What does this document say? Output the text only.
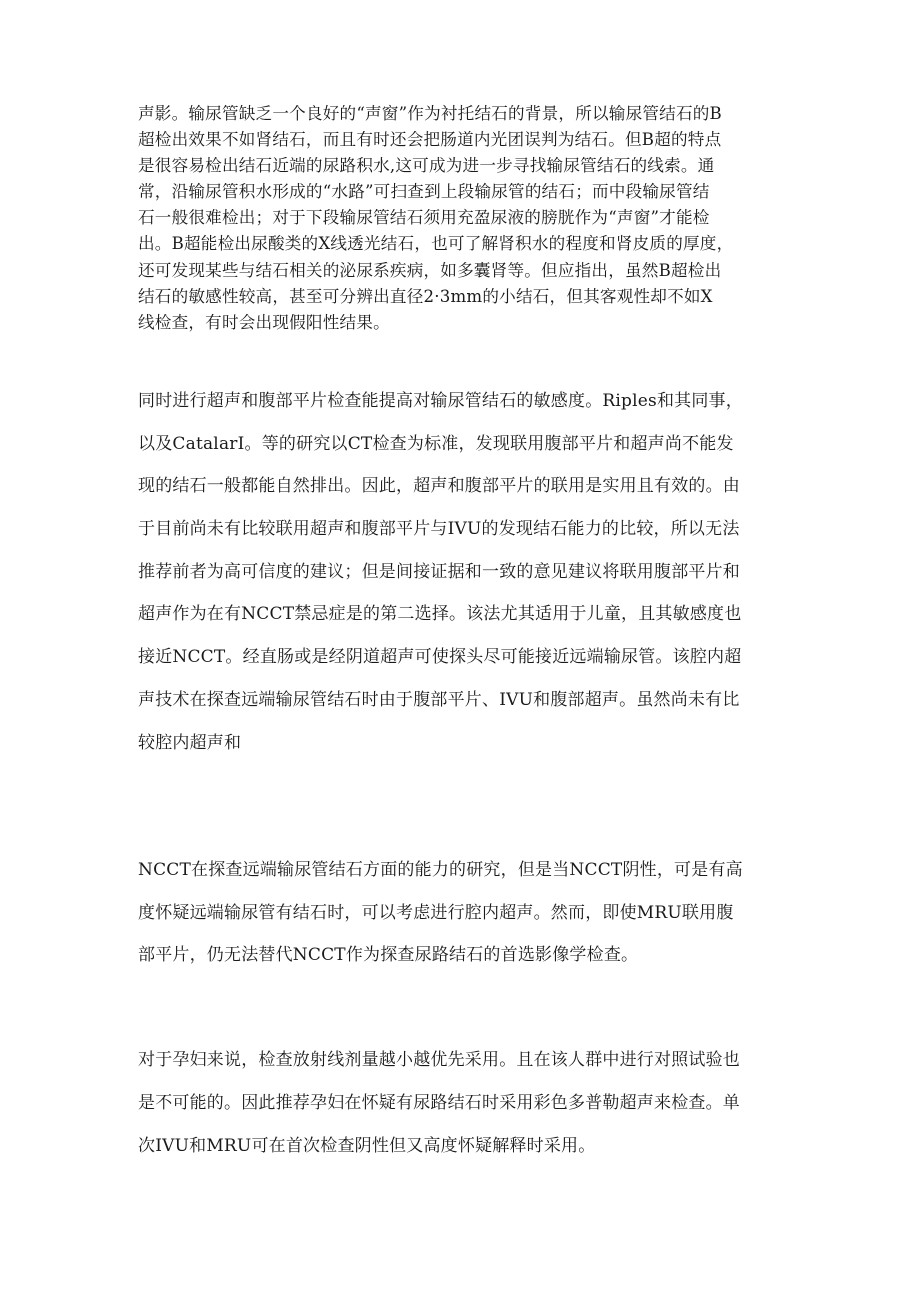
声影。输尿管缺乏一个良好的“声窗”作为衬托结石的背景，所以输尿管结石的B
超检出效果不如肾结石，而且有时还会把肠道内光团误判为结石。但B超的特点
是很容易检出结石近端的尿路积水,这可成为进一步寻找输尿管结石的线索。通
常，沿输尿管积水形成的“水路”可扫查到上段输尿管的结石；而中段输尿管结
石一般很难检出；对于下段输尿管结石须用充盈尿液的膀胱作为“声窗”才能检
出。B超能检出尿酸类的X线透光结石，也可了解肾积水的程度和肾皮质的厚度，
还可发现某些与结石相关的泌尿系疾病，如多囊肾等。但应指出，虽然B超检出
结石的敏感性较高，甚至可分辨出直径2·3mm的小结石，但其客观性却不如X
线检查，有时会出现假阳性结果。
同时进行超声和腹部平片检查能提高对输尿管结石的敏感度。Riples和其同事，
以及CatalarI。等的研究以CT检查为标准，发现联用腹部平片和超声尚不能发
现的结石一般都能自然排出。因此，超声和腹部平片的联用是实用且有效的。由
于目前尚未有比较联用超声和腹部平片与IVU的发现结石能力的比较，所以无法
推荐前者为高可信度的建议；但是间接证据和一致的意见建议将联用腹部平片和
超声作为在有NCCT禁忌症是的第二选择。该法尤其适用于儿童，且其敏感度也
接近NCCT。经直肠或是经阴道超声可使探头尽可能接近远端输尿管。该腔内超
声技术在探查远端输尿管结石时由于腹部平片、IVU和腹部超声。虽然尚未有比
较腔内超声和
NCCT在探查远端输尿管结石方面的能力的研究，但是当NCCT阴性，可是有高
度怀疑远端输尿管有结石时，可以考虑进行腔内超声。然而，即使MRU联用腹
部平片，仍无法替代NCCT作为探查尿路结石的首选影像学检查。
对于孕妇来说，检查放射线剂量越小越优先采用。且在该人群中进行对照试验也
是不可能的。因此推荐孕妇在怀疑有尿路结石时采用彩色多普勒超声来检查。单
次IVU和MRU可在首次检查阴性但又高度怀疑解释时采用。
